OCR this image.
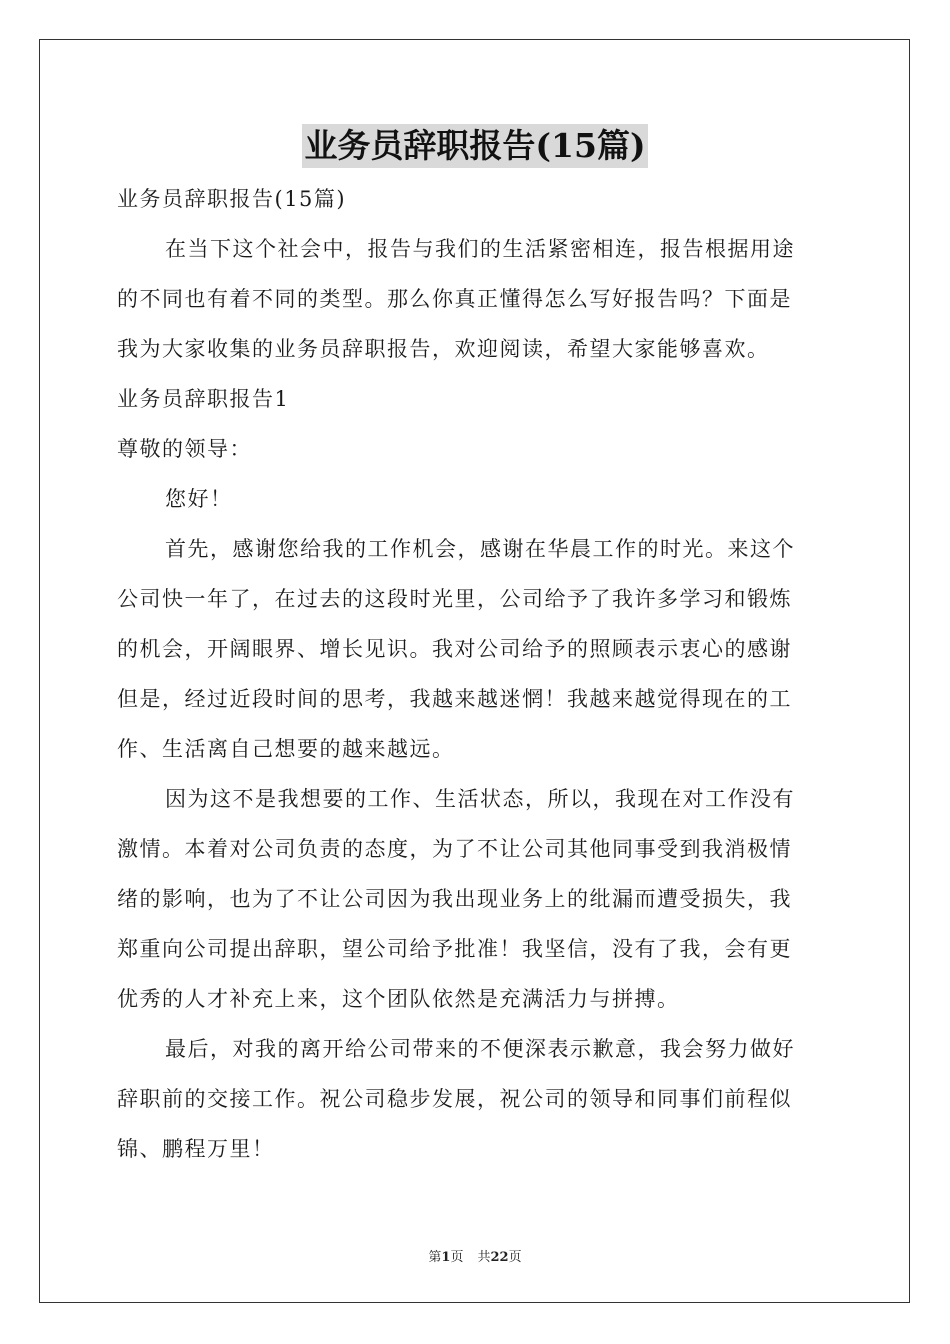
业务员辞职报告(15篇)
业务员辞职报告(15篇)
在当下这个社会中，报告与我们的生活紧密相连，报告根据用途
的不同也有着不同的类型。那么你真正懂得怎么写好报告吗？下面是
我为大家收集的业务员辞职报告，欢迎阅读，希望大家能够喜欢。
业务员辞职报告1
尊敬的领导：
您好！
首先，感谢您给我的工作机会，感谢在华晨工作的时光。来这个
公司快一年了，在过去的这段时光里，公司给予了我许多学习和锻炼
的机会，开阔眼界、增长见识。我对公司给予的照顾表示衷心的感谢
但是，经过近段时间的思考，我越来越迷惘！我越来越觉得现在的工
作、生活离自己想要的越来越远。
因为这不是我想要的工作、生活状态，所以，我现在对工作没有
激情。本着对公司负责的态度，为了不让公司其他同事受到我消极情
绪的影响，也为了不让公司因为我出现业务上的纰漏而遭受损失，我
郑重向公司提出辞职，望公司给予批准！我坚信，没有了我，会有更
优秀的人才补充上来，这个团队依然是充满活力与拼搏。
最后，对我的离开给公司带来的不便深表示歉意，我会努力做好
辞职前的交接工作。祝公司稳步发展，祝公司的领导和同事们前程似
锦、鹏程万里！
第1页 共22页
